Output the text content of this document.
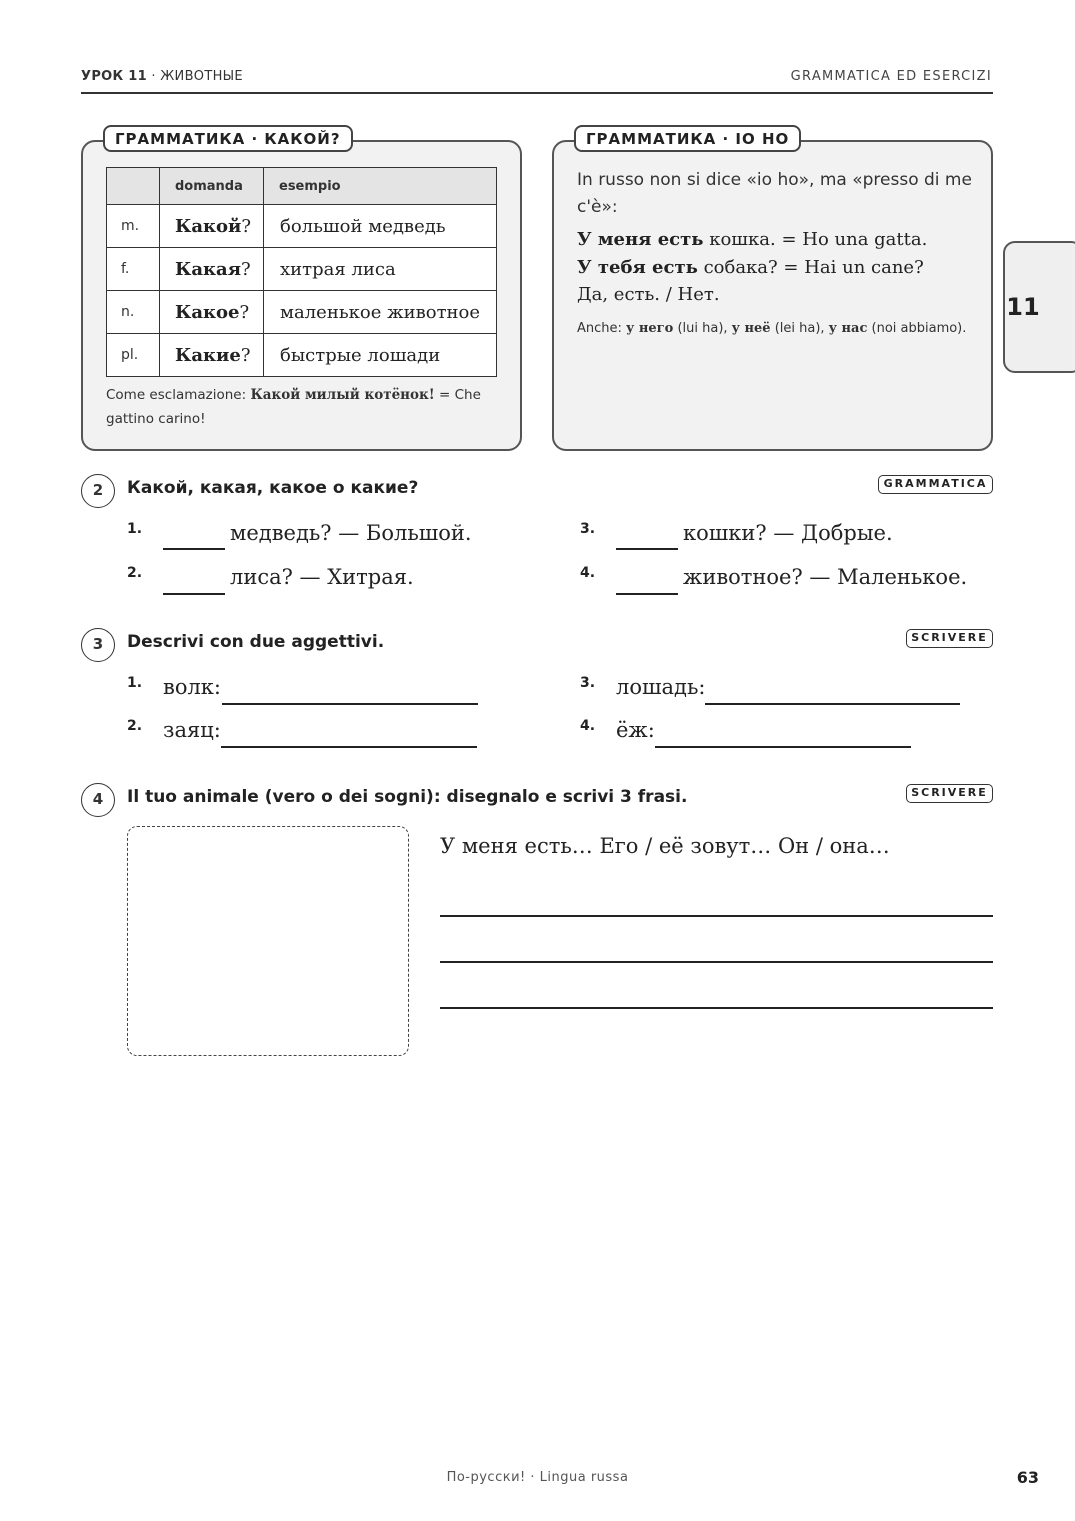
УРОК 11 · ЖИВОТНЫЕ	GRAMMATICA ED ESERCIZI
ГРАММАТИКА · КАКОЙ?
	domanda	esempio
m.	Какой?	большой медведь
f.	Какая?	хитрая лиса
n.	Какое?	маленькое животное
pl.	Какие?	быстрые лошади
Come esclamazione: Какой милый котёнок! = Che gattino carino!
ГРАММАТИКА · IO HO
In russo non si dice «io ho», ma «presso di me c'è»:
У меня есть кошка. = Ho una gatta.
У тебя есть собака? = Hai un cane?
Да, есть. / Нет.
Anche: у него (lui ha), у неё (lei ha), у нас (noi abbiamo).
11
2	Какой, какая, какое о какие?	GRAMMATICA
1.	медведь? — Большой.
2.	лиса? — Хитрая.
3.	кошки? — Добрые.
4.	животное? — Маленькое.
3	Descrivi con due aggettivi.	SCRIVERE
1. волк:
2. заяц:
3. лошадь:
4. ёж:
4	Il tuo animale (vero o dei sogni): disegnalo e scrivi 3 frasi.	SCRIVERE
У меня есть… Его / её зовут… Он / она…
По-русски! · Lingua russa	63
